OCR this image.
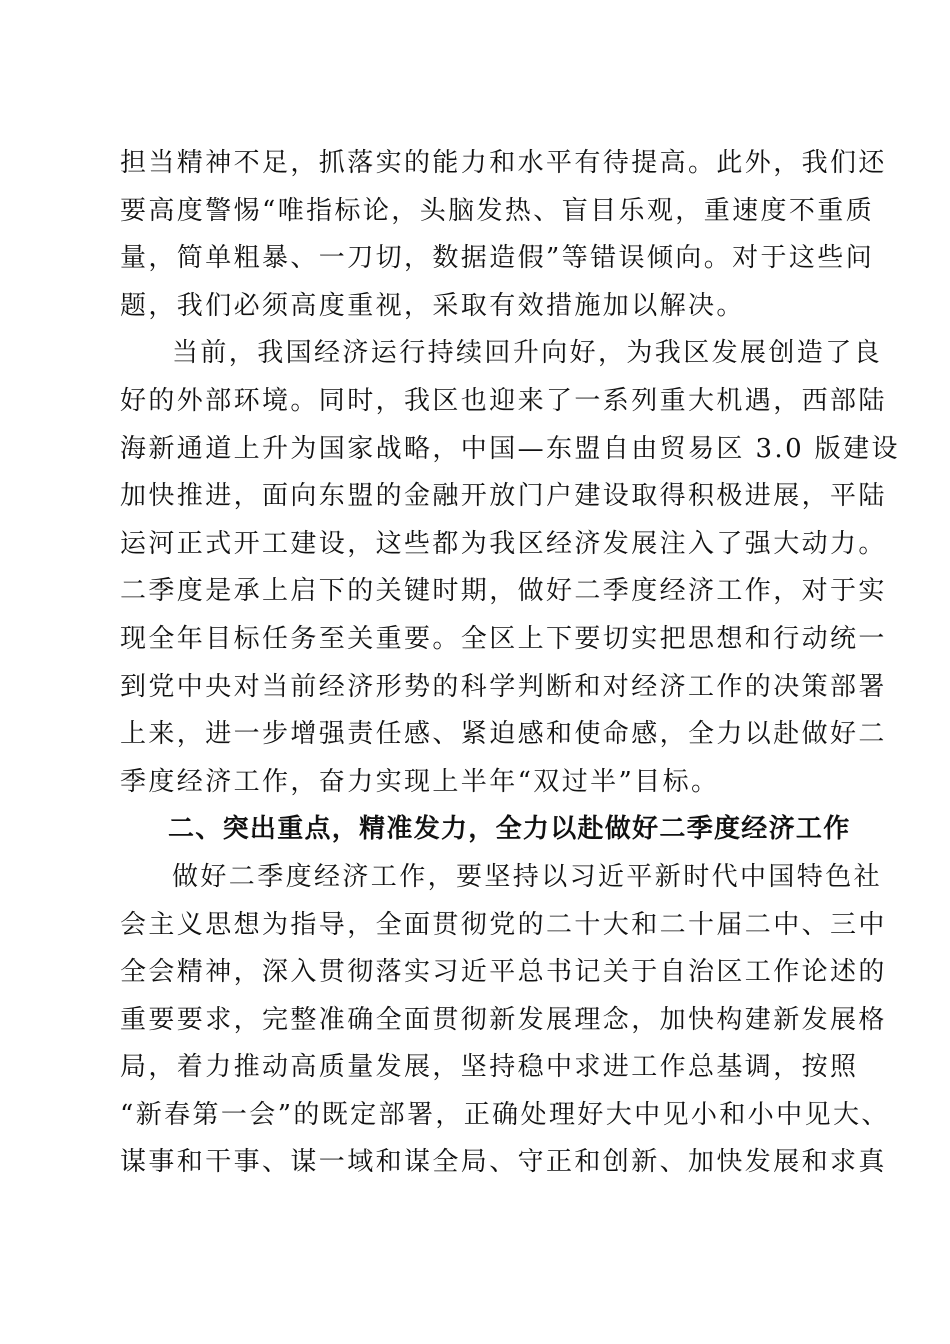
担当精神不足，抓落实的能力和水平有待提高。此外，我们还
要高度警惕“唯指标论，头脑发热、盲目乐观，重速度不重质
量，简单粗暴、一刀切，数据造假”等错误倾向。对于这些问
题，我们必须高度重视，采取有效措施加以解决。
当前，我国经济运行持续回升向好，为我区发展创造了良
好的外部环境。同时，我区也迎来了一系列重大机遇，西部陆
海新通道上升为国家战略，中国—东盟自由贸易区 3.0 版建设
加快推进，面向东盟的金融开放门户建设取得积极进展，平陆
运河正式开工建设，这些都为我区经济发展注入了强大动力。
二季度是承上启下的关键时期，做好二季度经济工作，对于实
现全年目标任务至关重要。全区上下要切实把思想和行动统一
到党中央对当前经济形势的科学判断和对经济工作的决策部署
上来，进一步增强责任感、紧迫感和使命感，全力以赴做好二
季度经济工作，奋力实现上半年“双过半”目标。
二、突出重点，精准发力，全力以赴做好二季度经济工作
做好二季度经济工作，要坚持以习近平新时代中国特色社
会主义思想为指导，全面贯彻党的二十大和二十届二中、三中
全会精神，深入贯彻落实习近平总书记关于自治区工作论述的
重要要求，完整准确全面贯彻新发展理念，加快构建新发展格
局，着力推动高质量发展，坚持稳中求进工作总基调，按照
“新春第一会”的既定部署，正确处理好大中见小和小中见大、
谋事和干事、谋一域和谋全局、守正和创新、加快发展和求真
